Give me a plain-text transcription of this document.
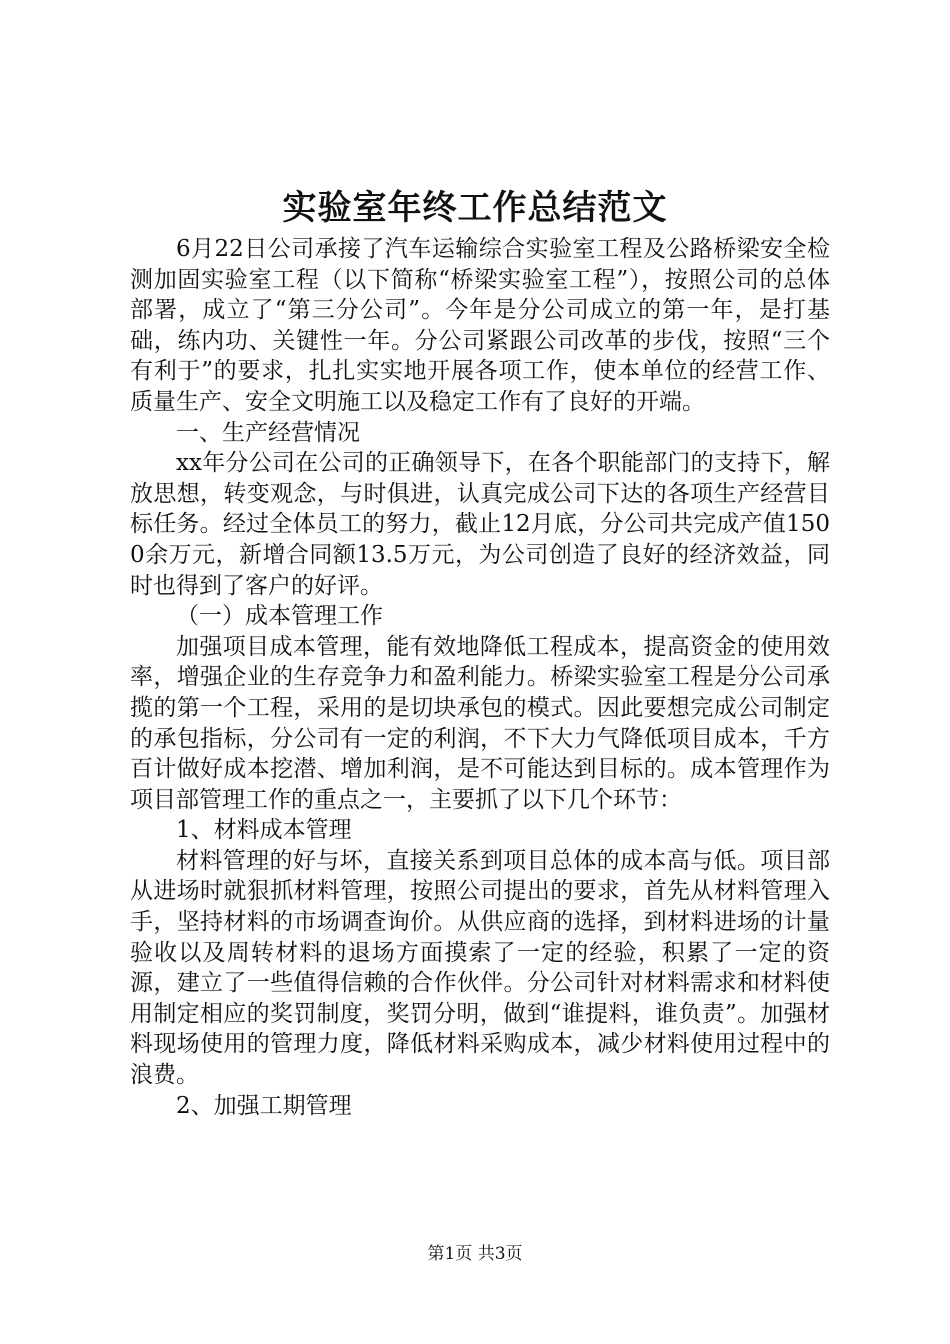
实验室年终工作总结范文

6月22日公司承接了汽车运输综合实验室工程及公路桥梁安全检测加固实验室工程（以下简称“桥梁实验室工程”），按照公司的总体部署，成立了“第三分公司”。今年是分公司成立的第一年，是打基础，练内功、关键性一年。分公司紧跟公司改革的步伐，按照“三个有利于”的要求，扎扎实实地开展各项工作，使本单位的经营工作、质量生产、安全文明施工以及稳定工作有了良好的开端。

一、生产经营情况

xx年分公司在公司的正确领导下，在各个职能部门的支持下，解放思想，转变观念，与时俱进，认真完成公司下达的各项生产经营目标任务。经过全体员工的努力，截止12月底，分公司共完成产值1500余万元，新增合同额13.5万元，为公司创造了良好的经济效益，同时也得到了客户的好评。

（一）成本管理工作

加强项目成本管理，能有效地降低工程成本，提高资金的使用效率，增强企业的生存竞争力和盈利能力。桥梁实验室工程是分公司承揽的第一个工程，采用的是切块承包的模式。因此要想完成公司制定的承包指标，分公司有一定的利润，不下大力气降低项目成本，千方百计做好成本挖潜、增加利润，是不可能达到目标的。成本管理作为项目部管理工作的重点之一，主要抓了以下几个环节：

1、材料成本管理

材料管理的好与坏，直接关系到项目总体的成本高与低。项目部从进场时就狠抓材料管理，按照公司提出的要求，首先从材料管理入手，坚持材料的市场调查询价。从供应商的选择，到材料进场的计量验收以及周转材料的退场方面摸索了一定的经验，积累了一定的资源，建立了一些值得信赖的合作伙伴。分公司针对材料需求和材料使用制定相应的奖罚制度，奖罚分明，做到“谁提料，谁负责”。加强材料现场使用的管理力度，降低材料采购成本，减少材料使用过程中的浪费。

2、加强工期管理

第1页 共3页
